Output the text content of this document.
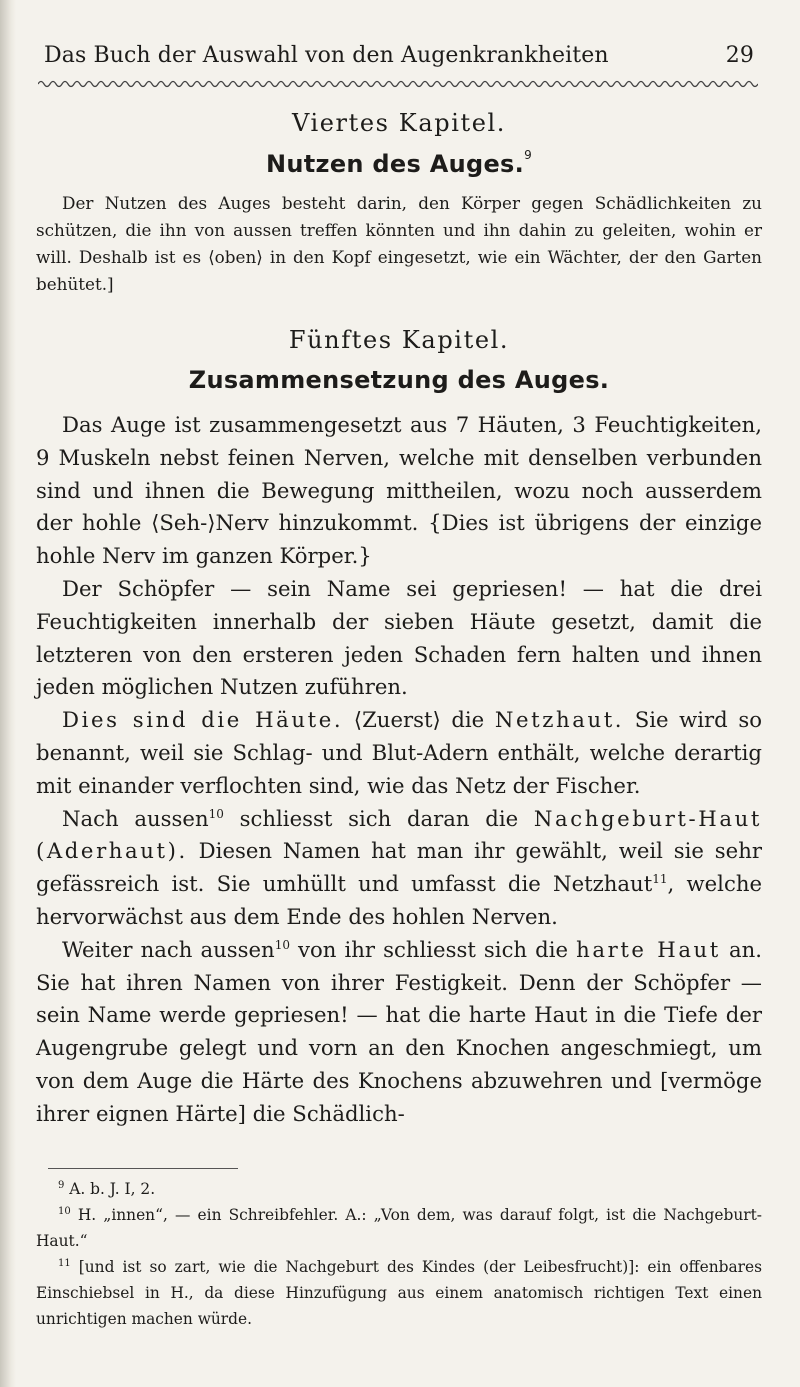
Das Buch der Auswahl von den Augenkrankheiten	29
Viertes Kapitel.
Nutzen des Auges.$^9$

Der Nutzen des Auges besteht darin, den Körper gegen Schädlichkeiten zu schützen, die ihn von aussen treffen könnten und ihn dahin zu geleiten, wohin er will. Deshalb ist es ⟨oben⟩ in den Kopf eingesetzt, wie ein Wächter, der den Garten behütet.]

Fünftes Kapitel.
Zusammensetzung des Auges.

Das Auge ist zusammengesetzt aus 7 Häuten, 3 Feuchtigkeiten, 9 Muskeln nebst feinen Nerven, welche mit denselben verbunden sind und ihnen die Bewegung mittheilen, wozu noch ausserdem der hohle ⟨Seh-⟩Nerv hinzukommt. {Dies ist übrigens der einzige hohle Nerv im ganzen Körper.}

Der Schöpfer — sein Name sei gepriesen! — hat die drei Feuchtigkeiten innerhalb der sieben Häute gesetzt, damit die letzteren von den ersteren jeden Schaden fern halten und ihnen jeden möglichen Nutzen zuführen.

Dies sind die Häute. ⟨Zuerst⟩ die Netzhaut. Sie wird so benannt, weil sie Schlag- und Blut-Adern enthält, welche derartig mit einander verflochten sind, wie das Netz der Fischer.

Nach aussen$^{10}$ schliesst sich daran die Nachgeburt-Haut (Aderhaut). Diesen Namen hat man ihr gewählt, weil sie sehr gefässreich ist. Sie umhüllt und umfasst die Netzhaut$^{11}$, welche hervorwächst aus dem Ende des hohlen Nerven.

Weiter nach aussen$^{10}$ von ihr schliesst sich die harte Haut an. Sie hat ihren Namen von ihrer Festigkeit. Denn der Schöpfer — sein Name werde gepriesen! — hat die harte Haut in die Tiefe der Augengrube gelegt und vorn an den Knochen angeschmiegt, um von dem Auge die Härte des Knochens abzuwehren und [vermöge ihrer eignen Härte] die Schädlich-

$^9$ A. b. J. I, 2.

$^{10}$ H. „innen“, — ein Schreibfehler. A.: „Von dem, was darauf folgt, ist die Nachgeburt-Haut.“

$^{11}$ [und ist so zart, wie die Nachgeburt des Kindes (der Leibesfrucht)]: ein offenbares Einschiebsel in H., da diese Hinzufügung aus einem anatomisch richtigen Text einen unrichtigen machen würde.
